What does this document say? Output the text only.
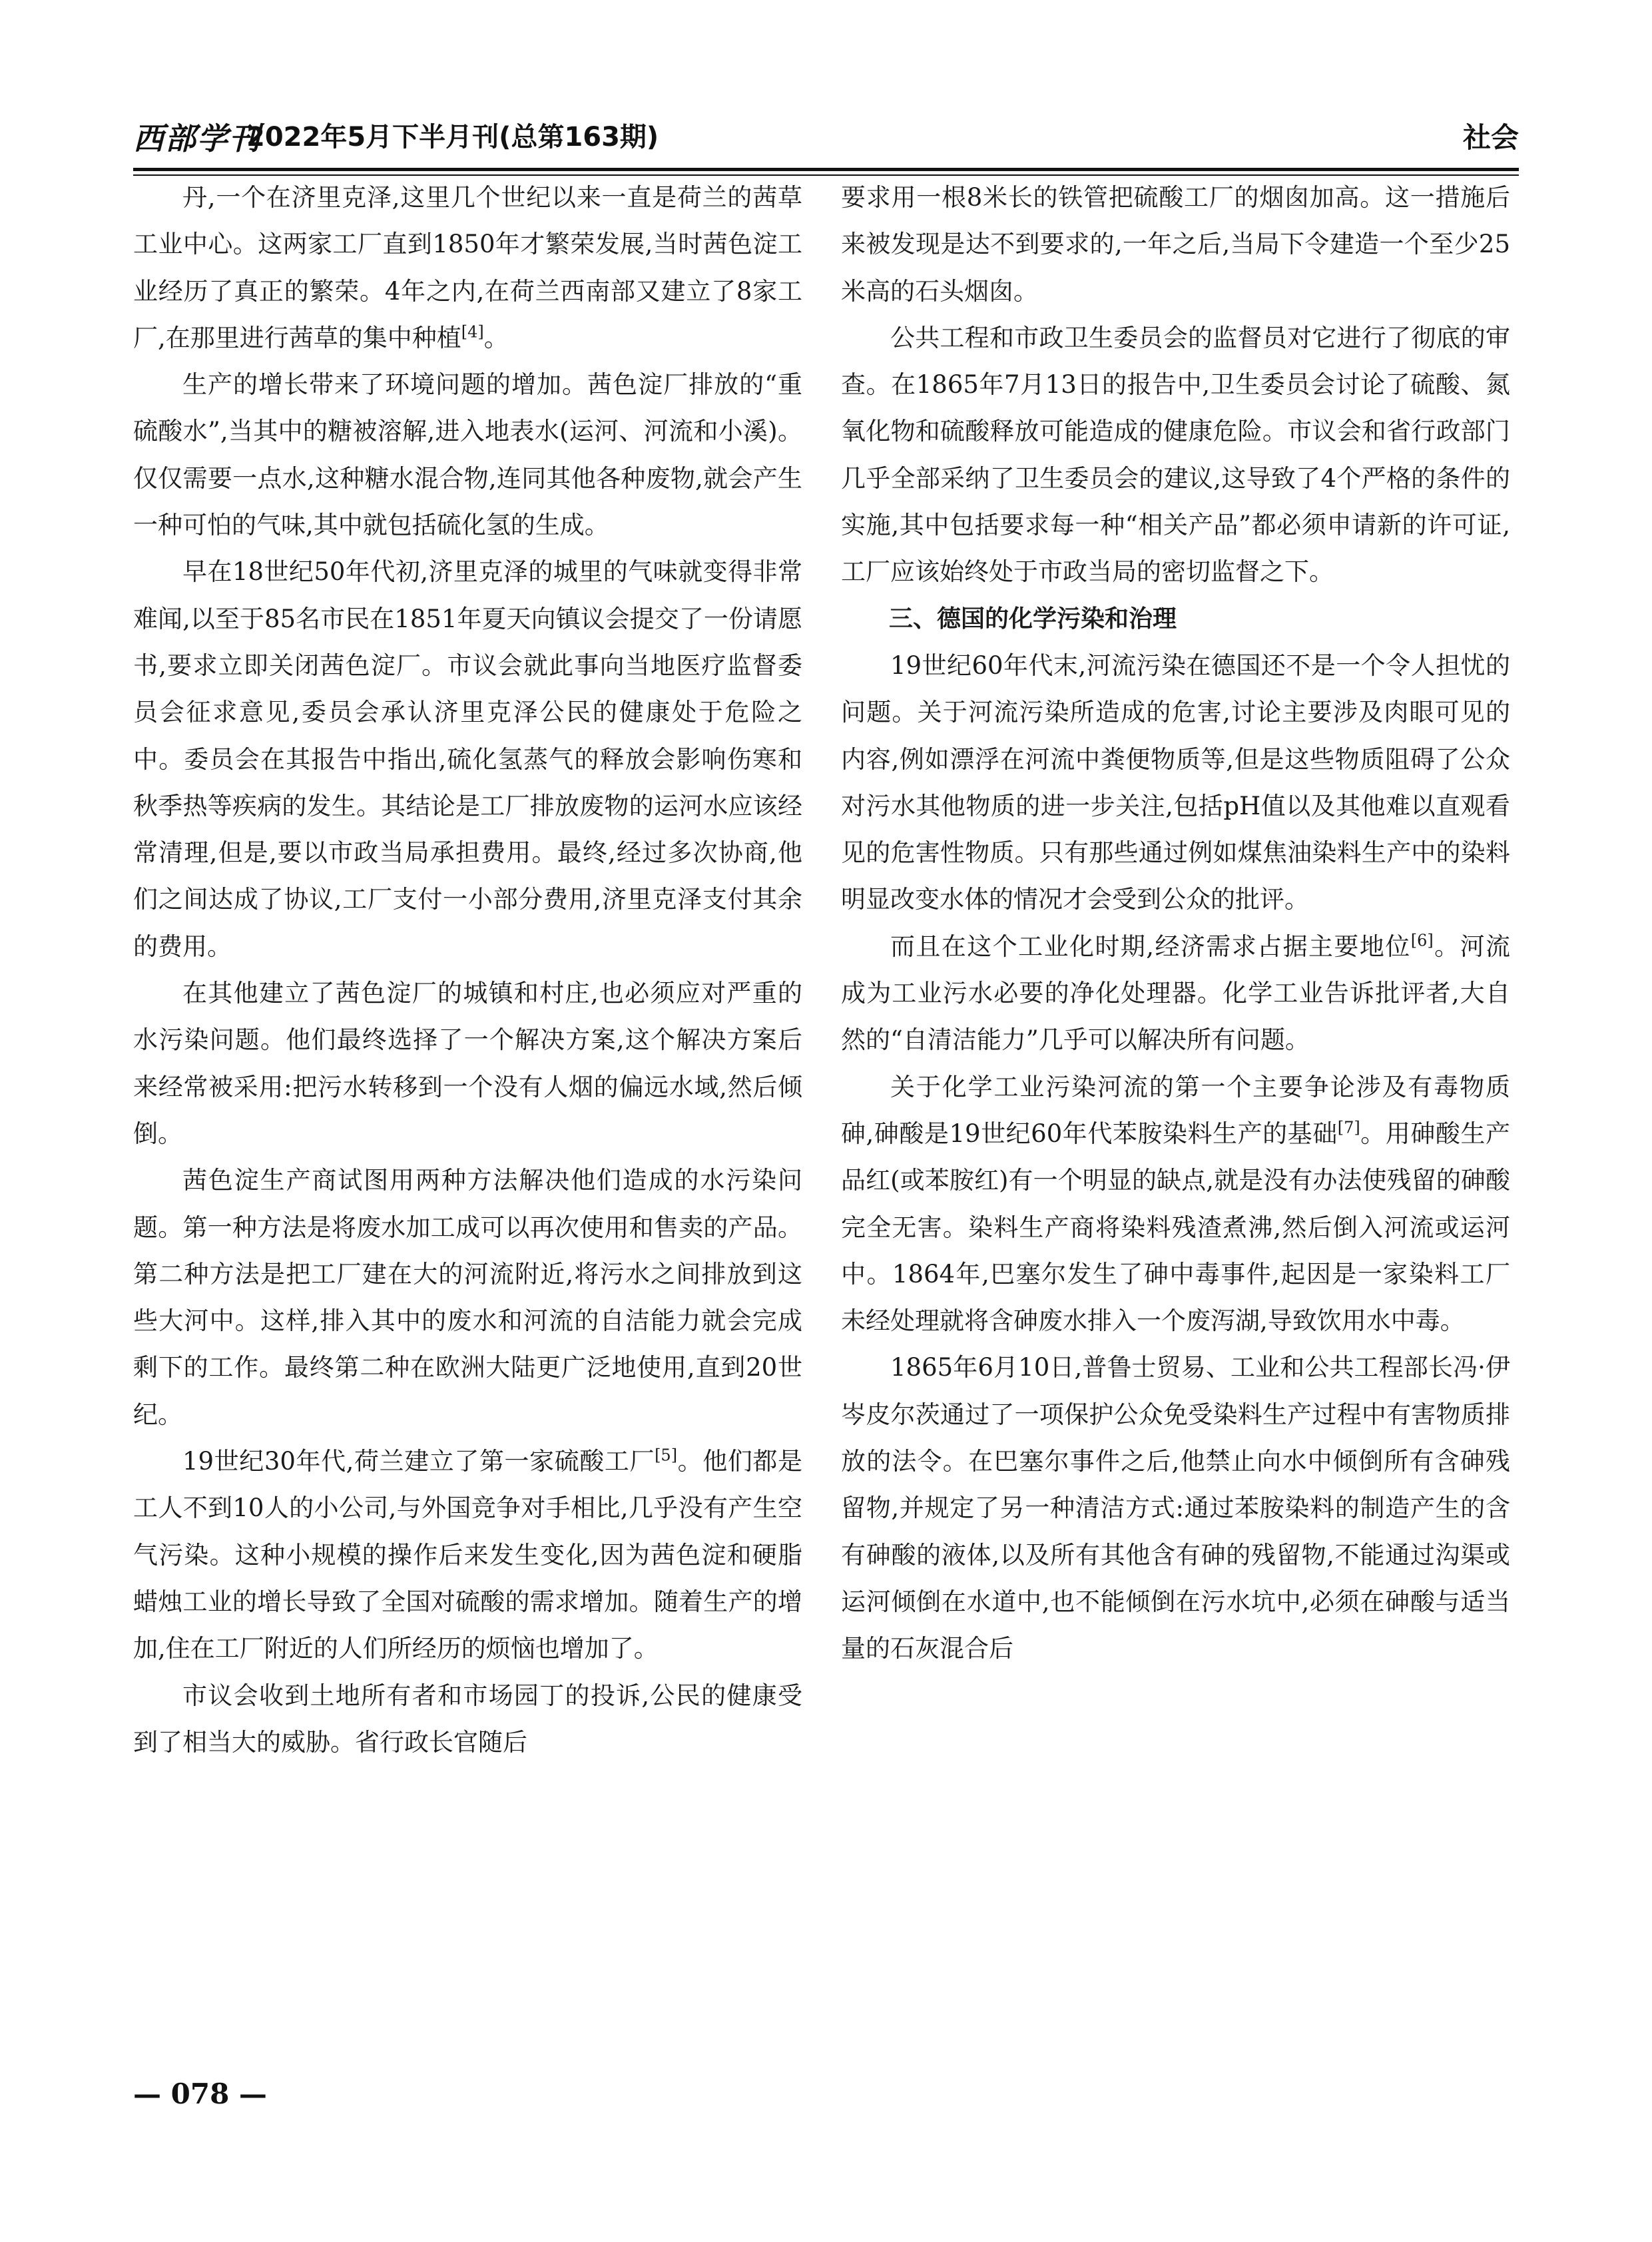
西部学刊
2022年5月下半月刊(总第163期)	社会

丹,一个在济里克泽,这里几个世纪以来一直是荷兰的茜草工业中心。这两家工厂直到1850年才繁荣发展,当时茜色淀工业经历了真正的繁荣。4年之内,在荷兰西南部又建立了8家工厂,在那里进行茜草的集中种植[4]。

生产的增长带来了环境问题的增加。茜色淀厂排放的“重硫酸水”,当其中的糖被溶解,进入地表水(运河、河流和小溪)。仅仅需要一点水,这种糖水混合物,连同其他各种废物,就会产生一种可怕的气味,其中就包括硫化氢的生成。

早在18世纪50年代初,济里克泽的城里的气味就变得非常难闻,以至于85名市民在1851年夏天向镇议会提交了一份请愿书,要求立即关闭茜色淀厂。市议会就此事向当地医疗监督委员会征求意见,委员会承认济里克泽公民的健康处于危险之中。委员会在其报告中指出,硫化氢蒸气的释放会影响伤寒和秋季热等疾病的发生。其结论是工厂排放废物的运河水应该经常清理,但是,要以市政当局承担费用。最终,经过多次协商,他们之间达成了协议,工厂支付一小部分费用,济里克泽支付其余的费用。

在其他建立了茜色淀厂的城镇和村庄,也必须应对严重的水污染问题。他们最终选择了一个解决方案,这个解决方案后来经常被采用:把污水转移到一个没有人烟的偏远水域,然后倾倒。

茜色淀生产商试图用两种方法解决他们造成的水污染问题。第一种方法是将废水加工成可以再次使用和售卖的产品。第二种方法是把工厂建在大的河流附近,将污水之间排放到这些大河中。这样,排入其中的废水和河流的自洁能力就会完成剩下的工作。最终第二种在欧洲大陆更广泛地使用,直到20世纪。

19世纪30年代,荷兰建立了第一家硫酸工厂[5]。他们都是工人不到10人的小公司,与外国竞争对手相比,几乎没有产生空气污染。这种小规模的操作后来发生变化,因为茜色淀和硬脂蜡烛工业的增长导致了全国对硫酸的需求增加。随着生产的增加,住在工厂附近的人们所经历的烦恼也增加了。

市议会收到土地所有者和市场园丁的投诉,公民的健康受到了相当大的威胁。省行政长官随后

要求用一根8米长的铁管把硫酸工厂的烟囱加高。这一措施后来被发现是达不到要求的,一年之后,当局下令建造一个至少25米高的石头烟囱。

公共工程和市政卫生委员会的监督员对它进行了彻底的审查。在1865年7月13日的报告中,卫生委员会讨论了硫酸、氮氧化物和硫酸释放可能造成的健康危险。市议会和省行政部门几乎全部采纳了卫生委员会的建议,这导致了4个严格的条件的实施,其中包括要求每一种“相关产品”都必须申请新的许可证,工厂应该始终处于市政当局的密切监督之下。

三、德国的化学污染和治理

19世纪60年代末,河流污染在德国还不是一个令人担忧的问题。关于河流污染所造成的危害,讨论主要涉及肉眼可见的内容,例如漂浮在河流中粪便物质等,但是这些物质阻碍了公众对污水其他物质的进一步关注,包括pH值以及其他难以直观看见的危害性物质。只有那些通过例如煤焦油染料生产中的染料明显改变水体的情况才会受到公众的批评。

而且在这个工业化时期,经济需求占据主要地位[6]。河流成为工业污水必要的净化处理器。化学工业告诉批评者,大自然的“自清洁能力”几乎可以解决所有问题。

关于化学工业污染河流的第一个主要争论涉及有毒物质砷,砷酸是19世纪60年代苯胺染料生产的基础[7]。用砷酸生产品红(或苯胺红)有一个明显的缺点,就是没有办法使残留的砷酸完全无害。染料生产商将染料残渣煮沸,然后倒入河流或运河中。1864年,巴塞尔发生了砷中毒事件,起因是一家染料工厂未经处理就将含砷废水排入一个废泻湖,导致饮用水中毒。

1865年6月10日,普鲁士贸易、工业和公共工程部长冯·伊岑皮尔茨通过了一项保护公众免受染料生产过程中有害物质排放的法令。在巴塞尔事件之后,他禁止向水中倾倒所有含砷残留物,并规定了另一种清洁方式:通过苯胺染料的制造产生的含有砷酸的液体,以及所有其他含有砷的残留物,不能通过沟渠或运河倾倒在水道中,也不能倾倒在污水坑中,必须在砷酸与适当量的石灰混合后

— 078 —
